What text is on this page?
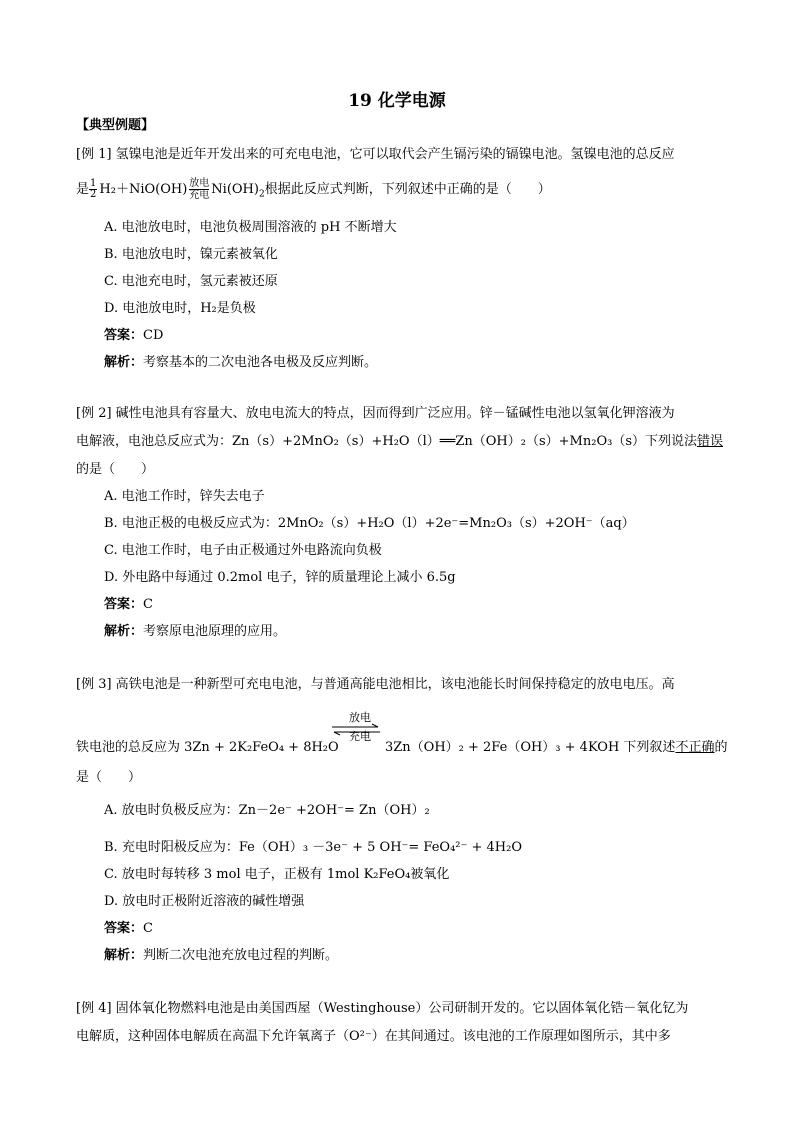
19 化学电源
【典型例题】
[例 1] 氢镍电池是近年开发出来的可充电电池，它可以取代会产生镉污染的镉镍电池。氢镍电池的总反应
是 $\frac{1}{2} H_2+NiO(OH)$ 放电
充电 $Ni(OH)_2$根据此反应式判断，下列叙述中正确的是（　　）
A. 电池放电时，电池负极周围溶液的 pH 不断增大
B. 电池放电时，镍元素被氧化
C. 电池充电时，氢元素被还原
D. 电池放电时，H₂是负极
答案：CD
解析：考察基本的二次电池各电极及反应判断。
[例 2] 碱性电池具有容量大、放电电流大的特点，因而得到广泛应用。锌－锰碱性电池以氢氧化钾溶液为
电解液，电池总反应式为：Zn（s）+2MnO₂（s）+H₂O（l）══Zn（OH）₂（s）+Mn₂O₃（s）下列说法错误
的是（　　）
A. 电池工作时，锌失去电子
B. 电池正极的电极反应式为：2MnO₂（s）+H₂O（l）+2e⁻=Mn₂O₃（s）+2OH⁻（aq）
C. 电池工作时，电子由正极通过外电路流向负极
D. 外电路中每通过 0.2mol 电子，锌的质量理论上减小 6.5g
答案：C
解析：考察原电池原理的应用。
[例 3] 高铁电池是一种新型可充电电池，与普通高能电池相比，该电池能长时间保持稳定的放电电压。高
放电
充电
铁电池的总反应为 3Zn + 2K₂FeO₄ + 8H₂O	3Zn（OH）₂ + 2Fe（OH）₃ + 4KOH 下列叙述不正确的
是（　　）
A. 放电时负极反应为：Zn－2e⁻ +2OH⁻= Zn（OH）₂
B. 充电时阳极反应为：Fe（OH）₃ －3e⁻ + 5 OH⁻= FeO₄²⁻ + 4H₂O
C. 放电时每转移 3 mol 电子，正极有 1mol K₂FeO₄被氧化
D. 放电时正极附近溶液的碱性增强
答案：C
解析：判断二次电池充放电过程的判断。
[例 4] 固体氧化物燃料电池是由美国西屋（Westinghouse）公司研制开发的。它以固体氧化锆－氧化钇为
电解质，这种固体电解质在高温下允许氧离子（O²⁻）在其间通过。该电池的工作原理如图所示，其中多
